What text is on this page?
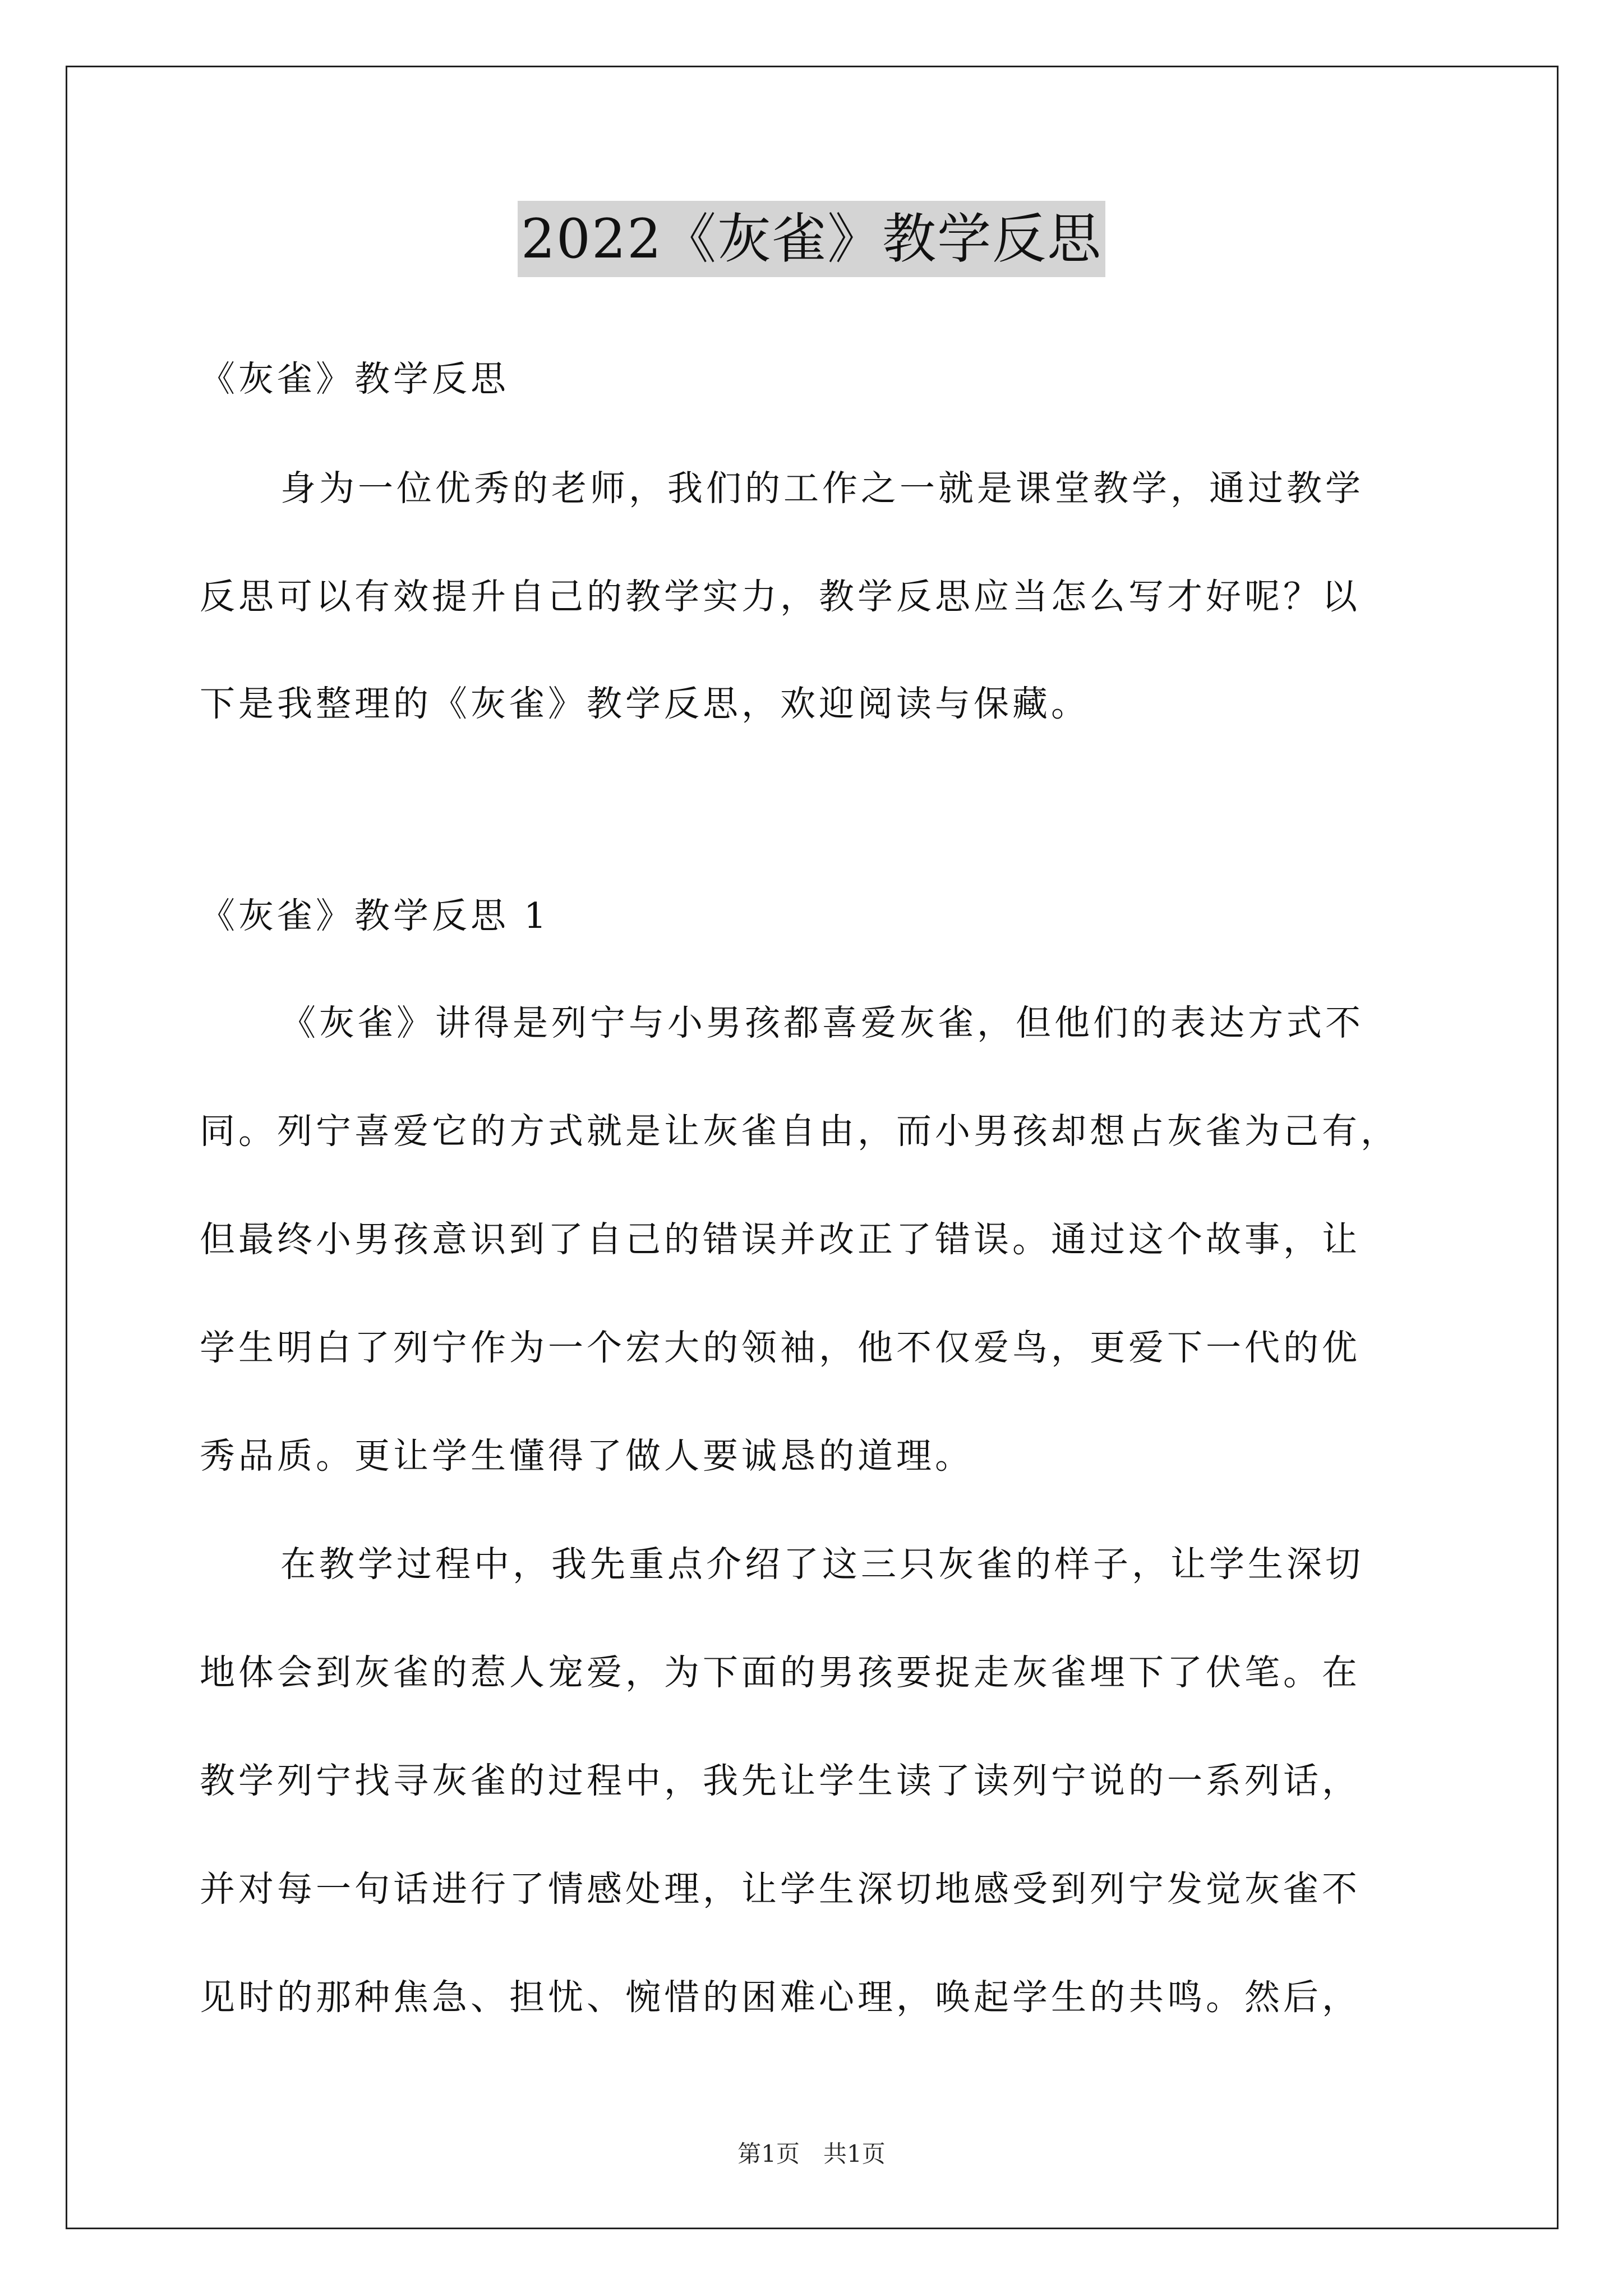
2022《灰雀》教学反思
《灰雀》教学反思
身为一位优秀的老师，我们的工作之一就是课堂教学，通过教学
反思可以有效提升自己的教学实力，教学反思应当怎么写才好呢？以
下是我整理的《灰雀》教学反思，欢迎阅读与保藏。
《灰雀》教学反思 1
《灰雀》讲得是列宁与小男孩都喜爱灰雀，但他们的表达方式不
同。列宁喜爱它的方式就是让灰雀自由，而小男孩却想占灰雀为己有，
但最终小男孩意识到了自己的错误并改正了错误。通过这个故事，让
学生明白了列宁作为一个宏大的领袖，他不仅爱鸟，更爱下一代的优
秀品质。更让学生懂得了做人要诚恳的道理。
在教学过程中，我先重点介绍了这三只灰雀的样子，让学生深切
地体会到灰雀的惹人宠爱，为下面的男孩要捉走灰雀埋下了伏笔。在
教学列宁找寻灰雀的过程中，我先让学生读了读列宁说的一系列话，
并对每一句话进行了情感处理，让学生深切地感受到列宁发觉灰雀不
见时的那种焦急、担忧、惋惜的困难心理，唤起学生的共鸣。然后，
第1页　共1页
